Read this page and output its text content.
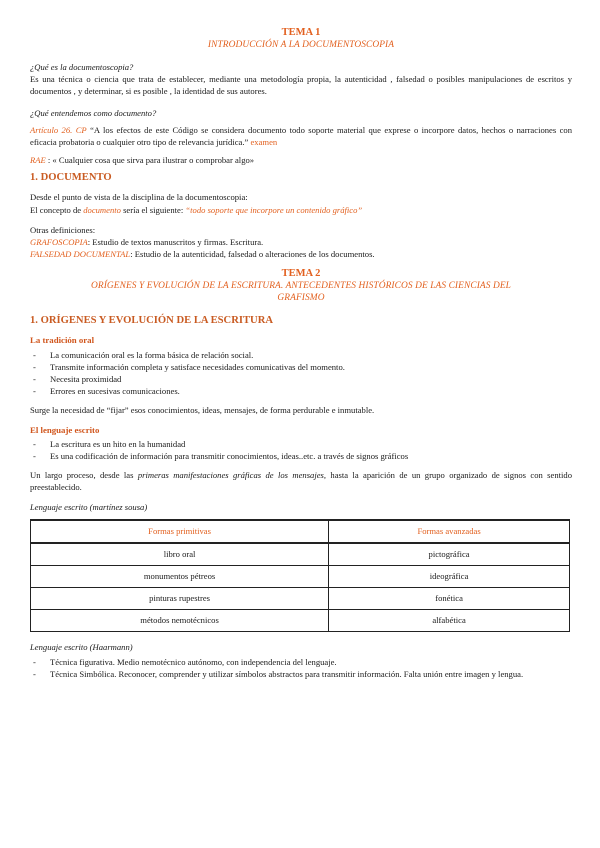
TEMA 1
INTRODUCCIÓN A LA DOCUMENTOSCOPIA
¿Qué es la documentoscopia?
Es una técnica o ciencia que trata de establecer, mediante una metodología propia, la autenticidad , falsedad o posibles manipulaciones de escritos y documentos , y determinar, si es posible , la identidad de sus autores.
¿Qué entendemos como documento?
Artículo 26. CP “A los efectos de este Código se considera documento todo soporte material que exprese o incorpore datos, hechos o narraciones con eficacia probatoria o cualquier otro tipo de relevancia jurídica.” examen
RAE : « Cualquier cosa que sirva para ilustrar o comprobar algo»
1. DOCUMENTO
Desde el punto de vista de la disciplina de la documentoscopia:
El concepto de documento sería el siguiente: “todo soporte que incorpore un contenido gráfico”
Otras definiciones:
GRAFOSCOPIA: Estudio de textos manuscritos y firmas. Escritura.
FALSEDAD DOCUMENTAL: Estudio de la autenticidad, falsedad o alteraciones de los documentos.
TEMA 2
ORÍGENES Y EVOLUCIÓN DE LA ESCRITURA. ANTECEDENTES HISTÓRICOS DE LAS CIENCIAS DEL
GRAFISMO
1. ORÍGENES Y EVOLUCIÓN DE LA ESCRITURA
La tradición oral
- La comunicación oral es la forma básica de relación social.
- Transmite información completa y satisface necesidades comunicativas del momento.
- Necesita proximidad
- Errores en sucesivas comunicaciones.
Surge la necesidad de “fijar” esos conocimientos, ideas, mensajes, de forma perdurable e inmutable.
El lenguaje escrito
- La escritura es un hito en la humanidad
- Es una codificación de información para transmitir conocimientos, ideas..etc. a través de signos gráficos
Un largo proceso, desde las primeras manifestaciones gráficas de los mensajes, hasta la aparición de un grupo organizado de signos con sentido preestablecido.
Lenguaje escrito (martínez sousa)
Formas primitivas	Formas avanzadas
libro oral	pictográfica
monumentos pétreos	ideográfica
pinturas rupestres	fonética
métodos nemotécnicos	alfabética
Lenguaje escrito (Haarmann)
- Técnica figurativa. Medio nemotécnico autónomo, con independencia del lenguaje.
- Técnica Simbólica. Reconocer, comprender y utilizar símbolos abstractos para transmitir información. Falta unión entre imagen y lengua.
